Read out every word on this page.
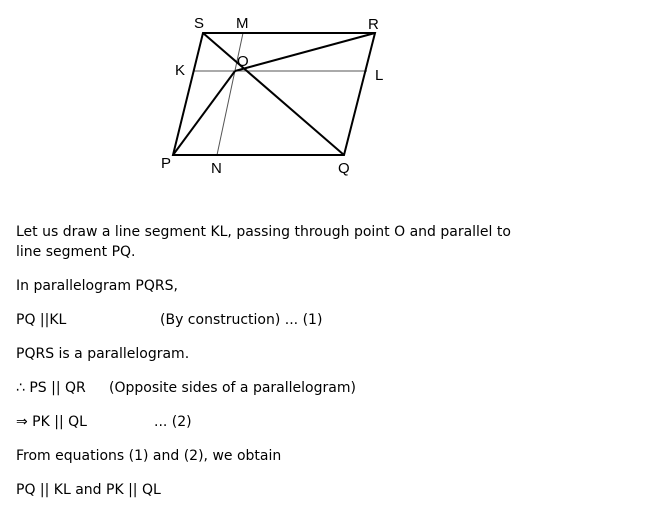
S M	R
K
O
L
P	N	Q
Let us draw a line segment KL, passing through point O and parallel to
line segment PQ.
In parallelogram PQRS,
PQ ||KL	(By construction) ... (1)
PQRS is a parallelogram.
∴ PS || QR (Opposite sides of a parallelogram)
⇒ PK || QL	... (2)
From equations (1) and (2), we obtain
PQ || KL and PK || QL
